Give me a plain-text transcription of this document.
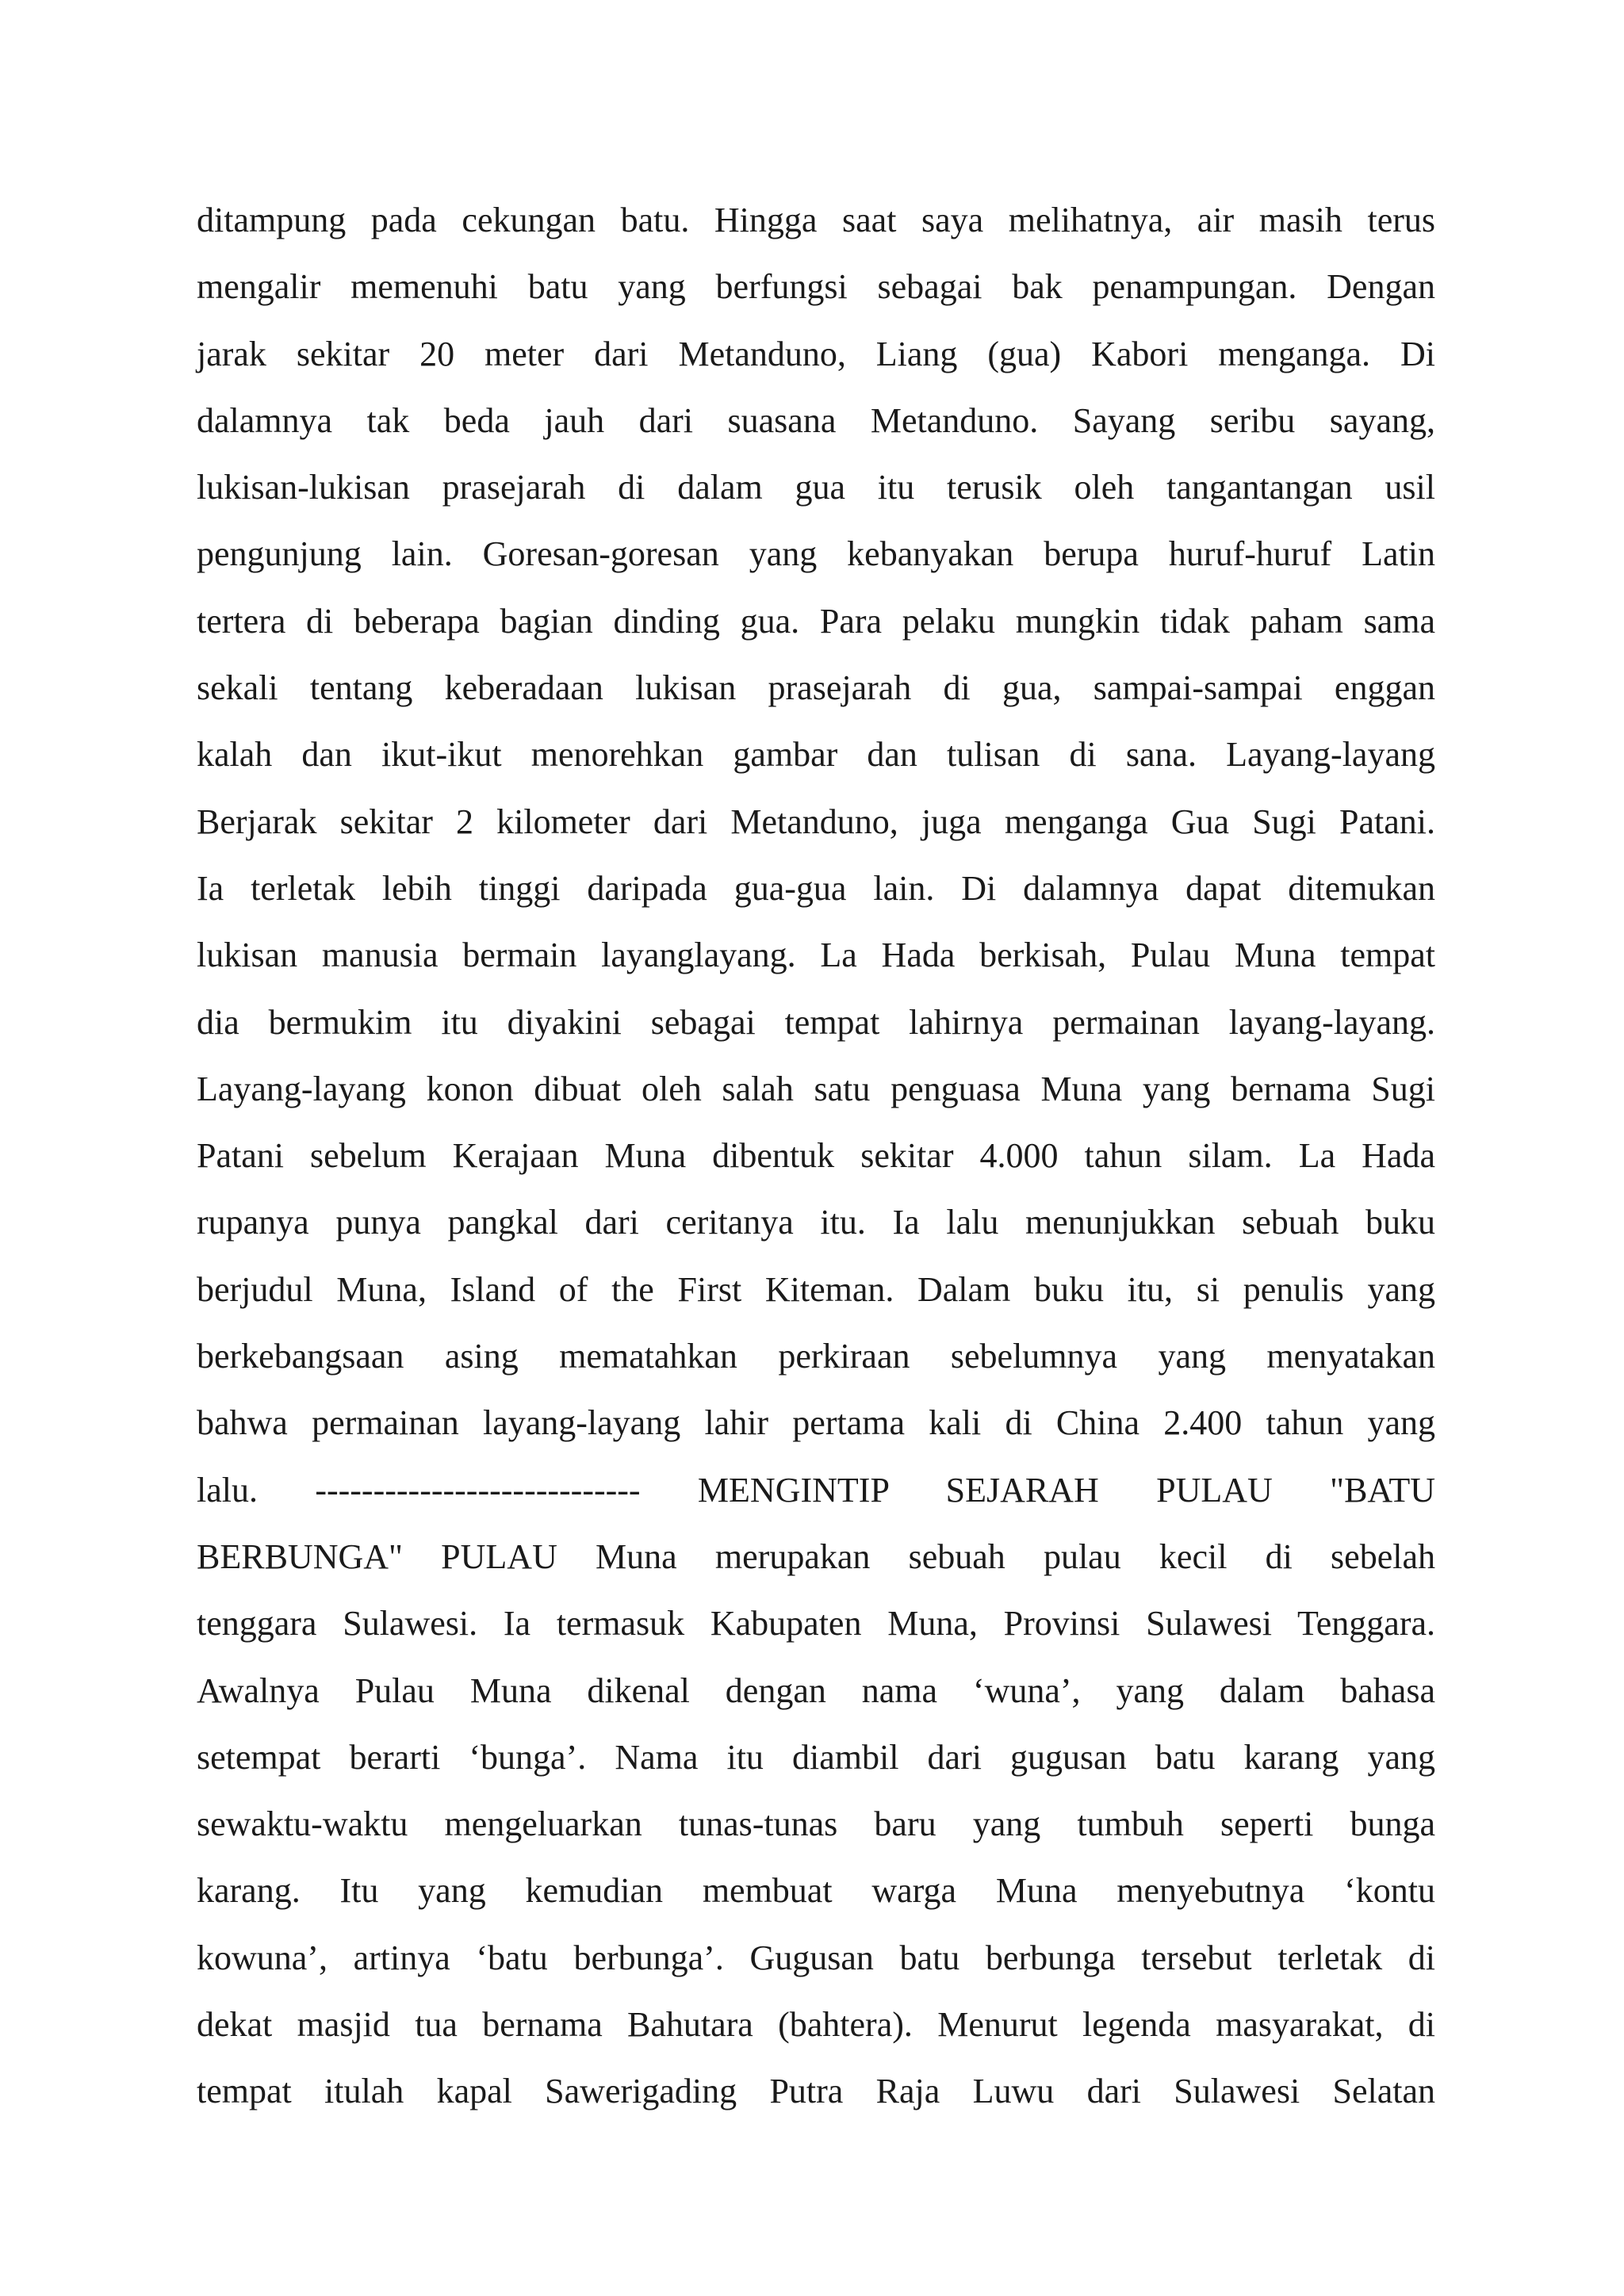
ditampung pada cekungan batu. Hingga saat saya melihatnya, air masih terus
mengalir memenuhi batu yang berfungsi sebagai bak penampungan. Dengan
jarak sekitar 20 meter dari Metanduno, Liang (gua) Kabori menganga. Di
dalamnya tak beda jauh dari suasana Metanduno. Sayang seribu sayang,
lukisan-lukisan prasejarah di dalam gua itu terusik oleh tangantangan usil
pengunjung lain. Goresan-goresan yang kebanyakan berupa huruf-huruf Latin
tertera di beberapa bagian dinding gua. Para pelaku mungkin tidak paham sama
sekali tentang keberadaan lukisan prasejarah di gua, sampai-sampai enggan
kalah dan ikut-ikut menorehkan gambar dan tulisan di sana. Layang-layang
Berjarak sekitar 2 kilometer dari Metanduno, juga menganga Gua Sugi Patani.
Ia terletak lebih tinggi daripada gua-gua lain. Di dalamnya dapat ditemukan
lukisan manusia bermain layanglayang. La Hada berkisah, Pulau Muna tempat
dia bermukim itu diyakini sebagai tempat lahirnya permainan layang-layang.
Layang-layang konon dibuat oleh salah satu penguasa Muna yang bernama Sugi
Patani sebelum Kerajaan Muna dibentuk sekitar 4.000 tahun silam. La Hada
rupanya punya pangkal dari ceritanya itu. Ia lalu menunjukkan sebuah buku
berjudul Muna, Island of the First Kiteman. Dalam buku itu, si penulis yang
berkebangsaan asing mematahkan perkiraan sebelumnya yang menyatakan
bahwa permainan layang-layang lahir pertama kali di China 2.400 tahun yang
lalu. ---------------------------- MENGINTIP SEJARAH PULAU "BATU
BERBUNGA" PULAU Muna merupakan sebuah pulau kecil di sebelah
tenggara Sulawesi. Ia termasuk Kabupaten Muna, Provinsi Sulawesi Tenggara.
Awalnya Pulau Muna dikenal dengan nama ‘wuna’, yang dalam bahasa
setempat berarti ‘bunga’. Nama itu diambil dari gugusan batu karang yang
sewaktu-waktu mengeluarkan tunas-tunas baru yang tumbuh seperti bunga
karang. Itu yang kemudian membuat warga Muna menyebutnya ‘kontu
kowuna’, artinya ‘batu berbunga’. Gugusan batu berbunga tersebut terletak di
dekat masjid tua bernama Bahutara (bahtera). Menurut legenda masyarakat, di
tempat itulah kapal Sawerigading Putra Raja Luwu dari Sulawesi Selatan
